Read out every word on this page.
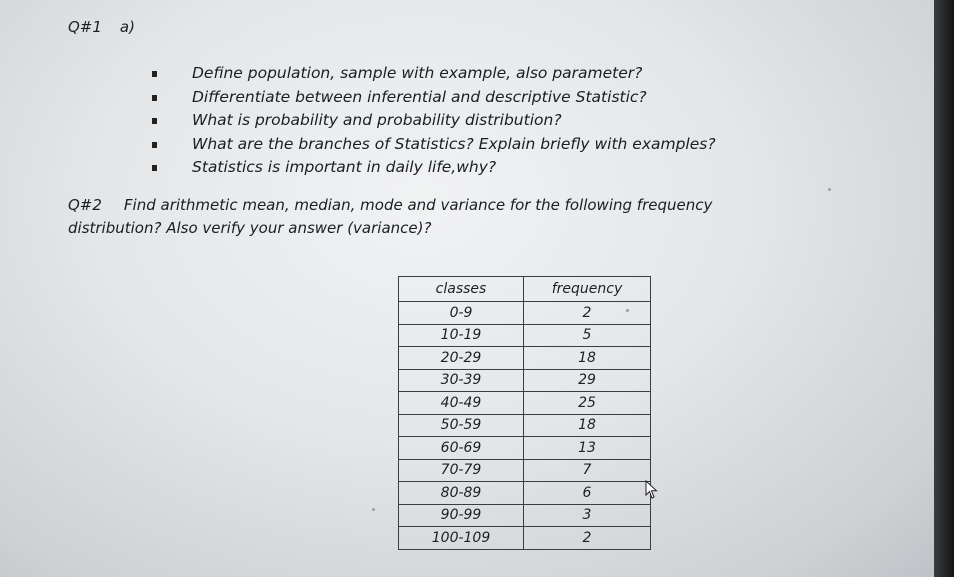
Q#1 a)
Define population, sample with example, also parameter?
Differentiate between inferential and descriptive Statistic?
What is probability and probability distribution?
What are the branches of Statistics? Explain briefly with examples?
Statistics is important in daily life,why?
Q#2 Find arithmetic mean, median, mode and variance for the following frequency distribution? Also verify your answer (variance)?
classes	frequency
0-9	2
10-19	5
20-29	18
30-39	29
40-49	25
50-59	18
60-69	13
70-79	7
80-89	6
90-99	3
100-109	2
